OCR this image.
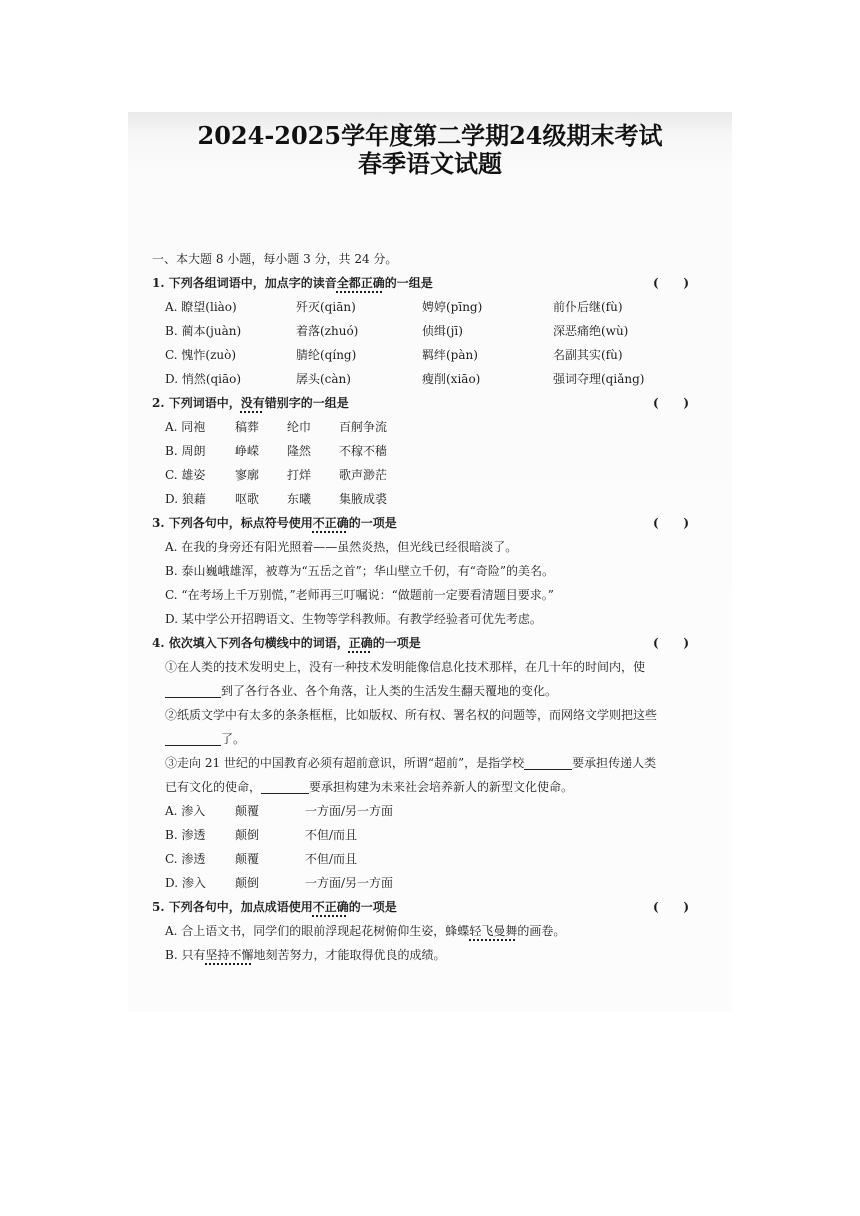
2024-2025学年度第二学期24级期末考试
春季语文试题
一、本大题 8 小题，每小题 3 分，共 24 分。
1. 下列各组词语中，加点字的读音全都正确的一组是	( )
A. 瞭望(liào)	歼灭(qiān)	娉婷(pīng)	前仆后继(fù)
B. 蔺本(juàn)	着落(zhuó)	侦缉(jī)	深恶痛绝(wù)
C. 愧怍(zuò)	腈纶(qíng)	羁绊(pàn)	名副其实(fù)
D. 悄然(qiāo)	孱头(càn)	瘦削(xiāo)	强词夺理(qiǎng)
2. 下列词语中，没有错别字的一组是	( )
A. 同袍 稿葬 纶巾 百舸争流
B. 周朗 峥嵘 隆然 不稼不穑
C. 雄姿 寥廓 打烊 歌声渺茫
D. 狼藉 呕歌 东曦 集腋成裘
3. 下列各句中，标点符号使用不正确的一项是	( )
A. 在我的身旁还有阳光照着——虽然炎热，但光线已经很暗淡了。
B. 泰山巍峨雄浑，被尊为“五岳之首”；华山壁立千仞，有“奇险”的美名。
C. “在考场上千万别慌，”老师再三叮嘱说：“做题前一定要看清题目要求。”
D. 某中学公开招聘语文、生物等学科教师。有教学经验者可优先考虑。
4. 依次填入下列各句横线中的词语，正确的一项是	( )
①在人类的技术发明史上，没有一种技术发明能像信息化技术那样，在几十年的时间内，使
到了各行各业、各个角落，让人类的生活发生翻天覆地的变化。
②纸质文学中有太多的条条框框，比如版权、所有权、署名权的问题等，而网络文学则把这些
了。
③走向 21 世纪的中国教育必须有超前意识，所谓“超前”，是指学校	要承担传递人类
已有文化的使命，	要承担构建为未来社会培养新人的新型文化使命。
A. 渗入 颠覆	一方面/另一方面
B. 渗透 颠倒	不但/而且
C. 渗透 颠覆	不但/而且
D. 渗入 颠倒	一方面/另一方面
5. 下列各句中，加点成语使用不正确的一项是	( )
A. 合上语文书，同学们的眼前浮现起花树俯仰生姿，蜂蝶轻飞曼舞的画卷。
B. 只有坚持不懈地刻苦努力，才能取得优良的成绩。
